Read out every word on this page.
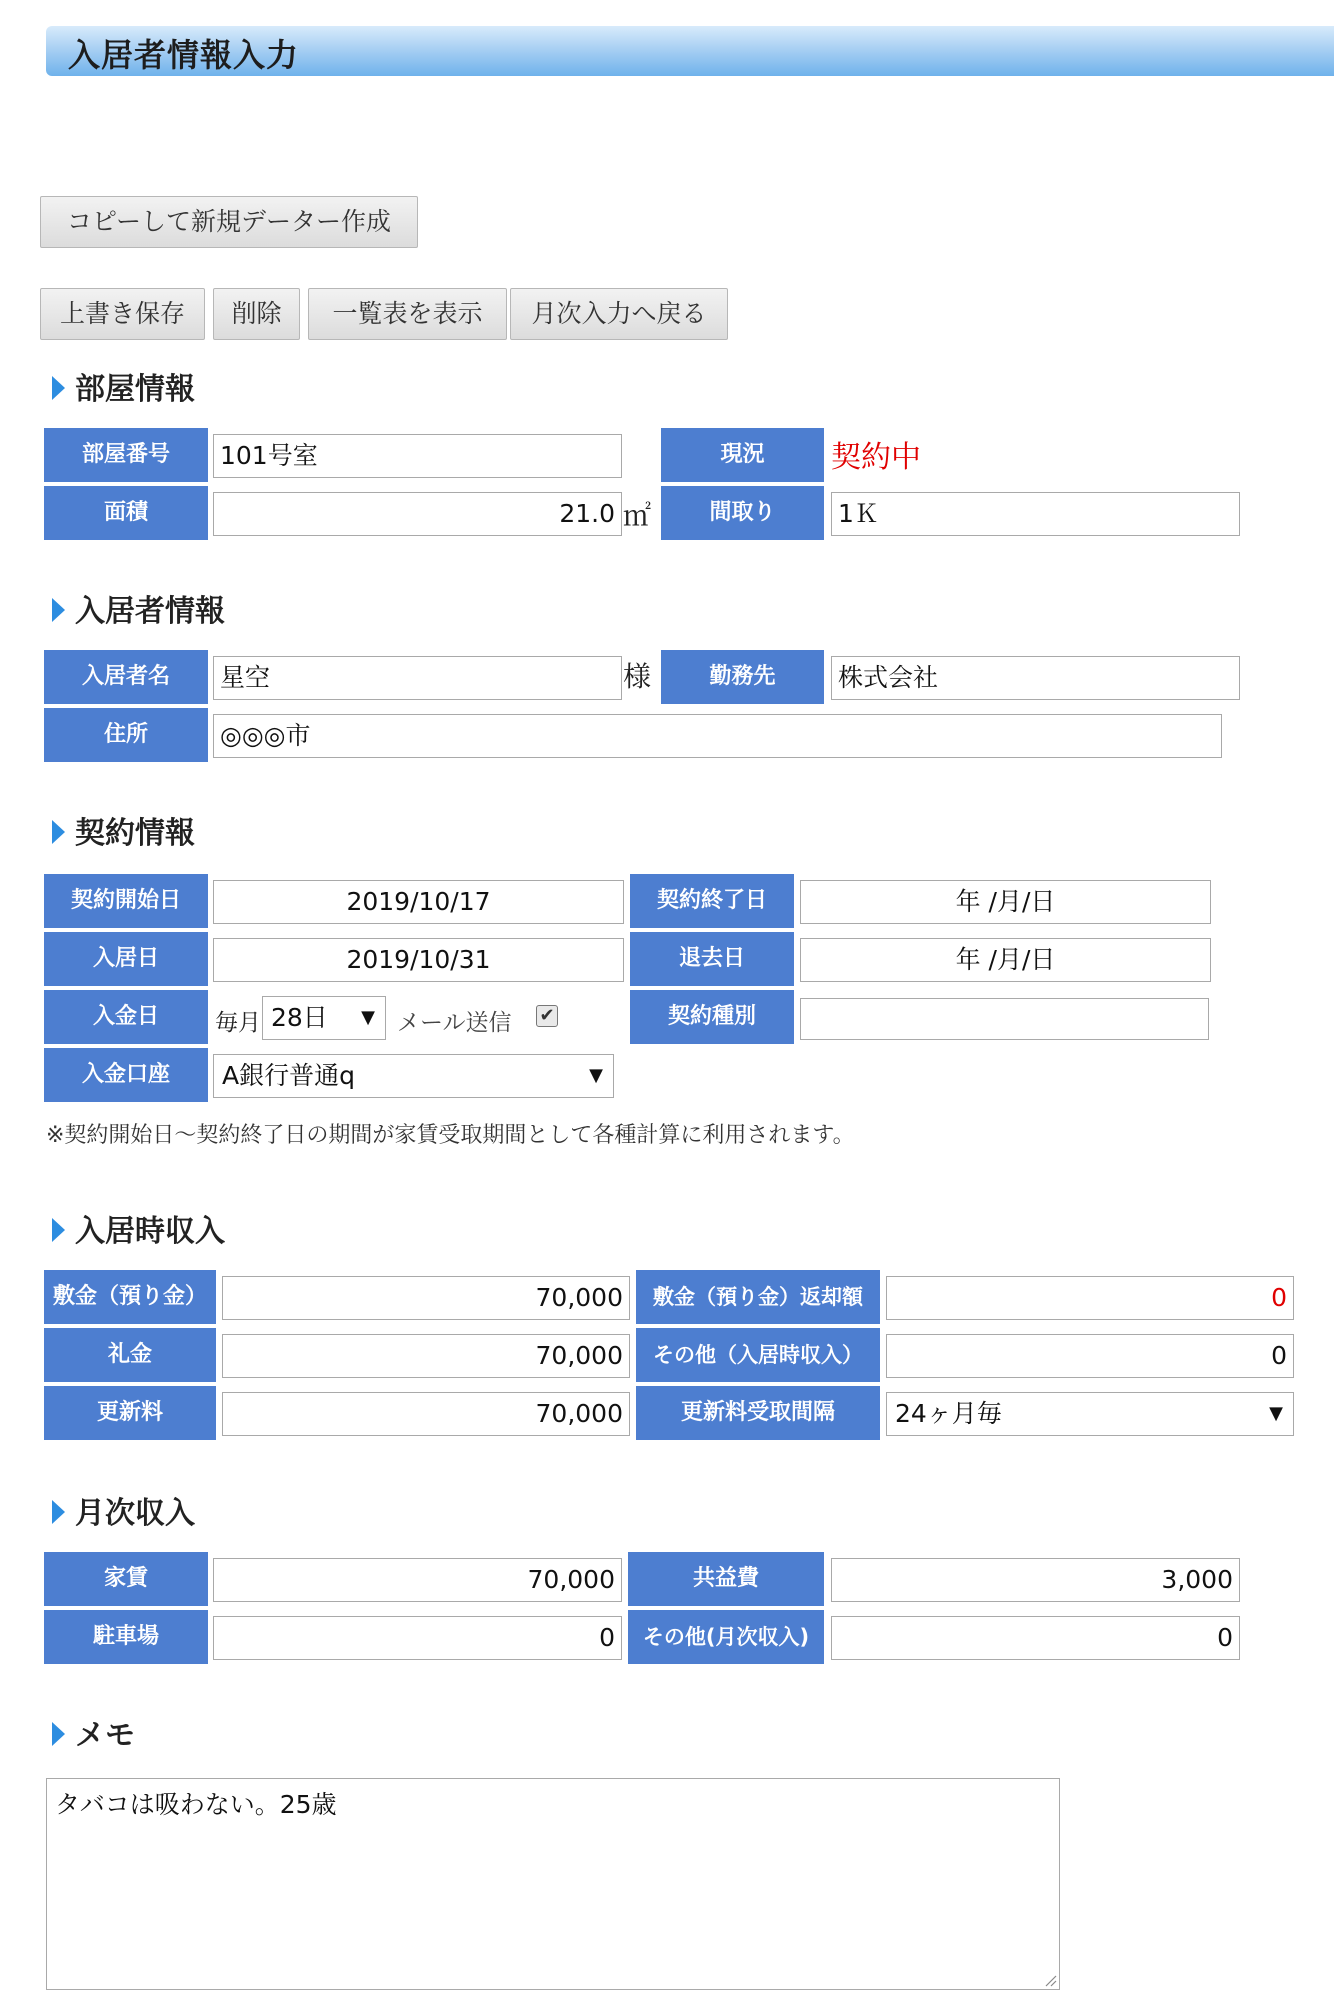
入居者情報入力
コピーして新規データー作成
上書き保存	削除	一覧表を表示	月次入力へ戻る
部屋情報
部屋番号	101号室	現況	契約中
面積	21.0 ㎡	間取り	1Ｋ
入居者情報
入居者名	星空	様	勤務先	株式会社
住所	◎◎◎市
契約情報
契約開始日	2019/10/17	契約終了日	年 /月/日
入居日	2019/10/31	退去日	年 /月/日
入金日	毎月 28日 ▼ メール送信 ✔	契約種別
入金口座	A銀行普通q	▼
※契約開始日～契約終了日の期間が家賃受取期間として各種計算に利用されます。
入居時収入
敷金（預り金）	70,000	敷金（預り金）返却額	0
礼金	70,000	その他（入居時収入）	0
更新料	70,000	更新料受取間隔	24ヶ月毎	▼
月次収入
家賃	70,000	共益費	3,000
駐車場	0	その他(月次収入)	0
メモ
タバコは吸わない。25歳
